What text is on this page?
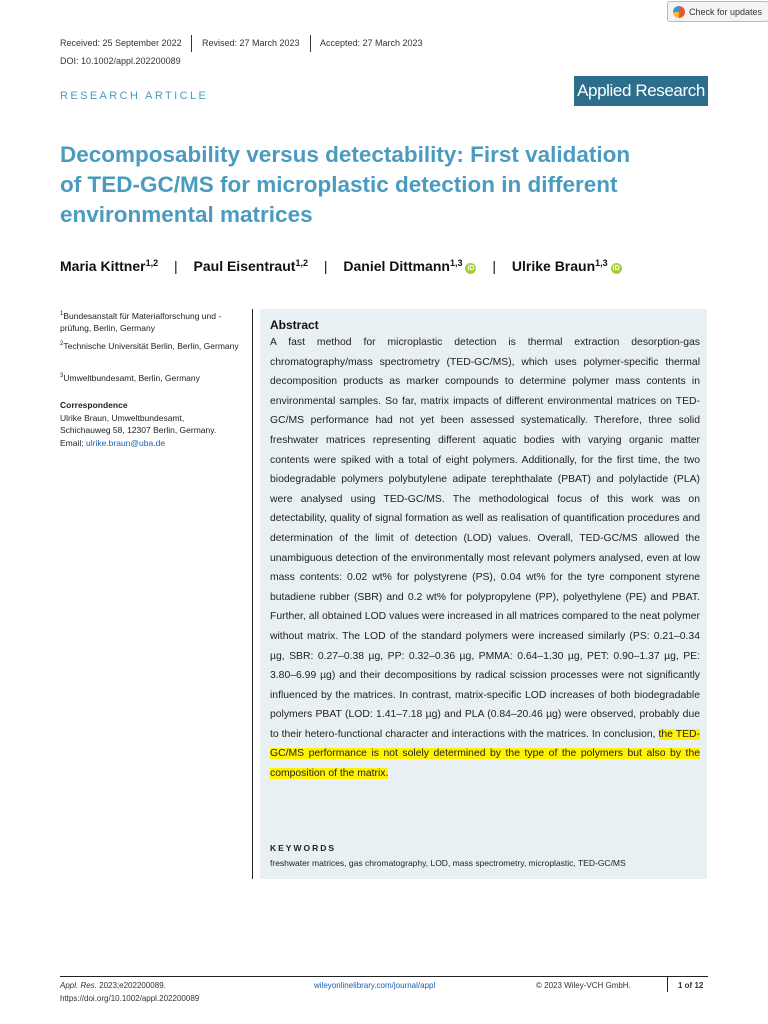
Check for updates
Received: 25 September 2022 Revised: 27 March 2023 Accepted: 27 March 2023
DOI: 10.1002/appl.202200089
RESEARCH ARTICLE	Applied Research
Decomposability versus detectability: First validation of TED-GC/MS for microplastic detection in different environmental matrices
Maria Kittner$^{1,2}$ | Paul Eisentraut$^{1,2}$ | Daniel Dittmann$^{1,3}$iD | Ulrike Braun$^{1,3}$iD
$^1$Bundesanstalt für Materialforschung und -prüfung, Berlin, Germany
$^2$Technische Universität Berlin, Berlin, Germany
$^3$Umweltbundesamt, Berlin, Germany
Correspondence
Ulrike Braun, Umweltbundesamt,
Schichauweg 58, 12307 Berlin, Germany.
Email: ulrike.braun@uba.de
Abstract
A fast method for microplastic detection is thermal extraction desorption-gas chromatography/mass spectrometry (TED-GC/MS), which uses polymer-specific thermal decomposition products as marker compounds to determine polymer mass contents in environmental samples. So far, matrix impacts of different environmental matrices on TED-GC/MS performance had not yet been assessed systematically. Therefore, three solid freshwater matrices representing different aquatic bodies with varying organic matter contents were spiked with a total of eight polymers. Additionally, for the first time, the two biodegradable polymers polybutylene adipate terephthalate (PBAT) and polylactide (PLA) were analysed using TED-GC/MS. The methodological focus of this work was on detectability, quality of signal formation as well as realisation of quantification procedures and determination of the limit of detection (LOD) values. Overall, TED-GC/MS allowed the unambiguous detection of the environmentally most relevant polymers analysed, even at low mass contents: 0.02 wt% for polystyrene (PS), 0.04 wt% for the tyre component styrene butadiene rubber (SBR) and 0.2 wt% for polypropylene (PP), polyethylene (PE) and PBAT. Further, all obtained LOD values were increased in all matrices compared to the neat polymer without matrix. The LOD of the standard polymers were increased similarly (PS: 0.21–0.34 µg, SBR: 0.27–0.38 µg, PP: 0.32–0.36 µg, PMMA: 0.64–1.30 µg, PET: 0.90–1.37 µg, PE: 3.80–6.99 µg) and their decompositions by radical scission processes were not significantly influenced by the matrices. In contrast, matrix-specific LOD increases of both biodegradable polymers PBAT (LOD: 1.41–7.18 µg) and PLA (0.84–20.46 µg) were observed, probably due to their hetero-functional character and interactions with the matrices. In conclusion, the TED-GC/MS performance is not solely determined by the type of the polymers but also by the composition of the matrix.
KEYWORDS
freshwater matrices, gas chromatography, LOD, mass spectrometry, microplastic, TED-GC/MS
Appl. Res. 2023;e202200089.
https://doi.org/10.1002/appl.202200089
wileyonlinelibrary.com/journal/appl	© 2023 Wiley-VCH GmbH.	1 of 12
